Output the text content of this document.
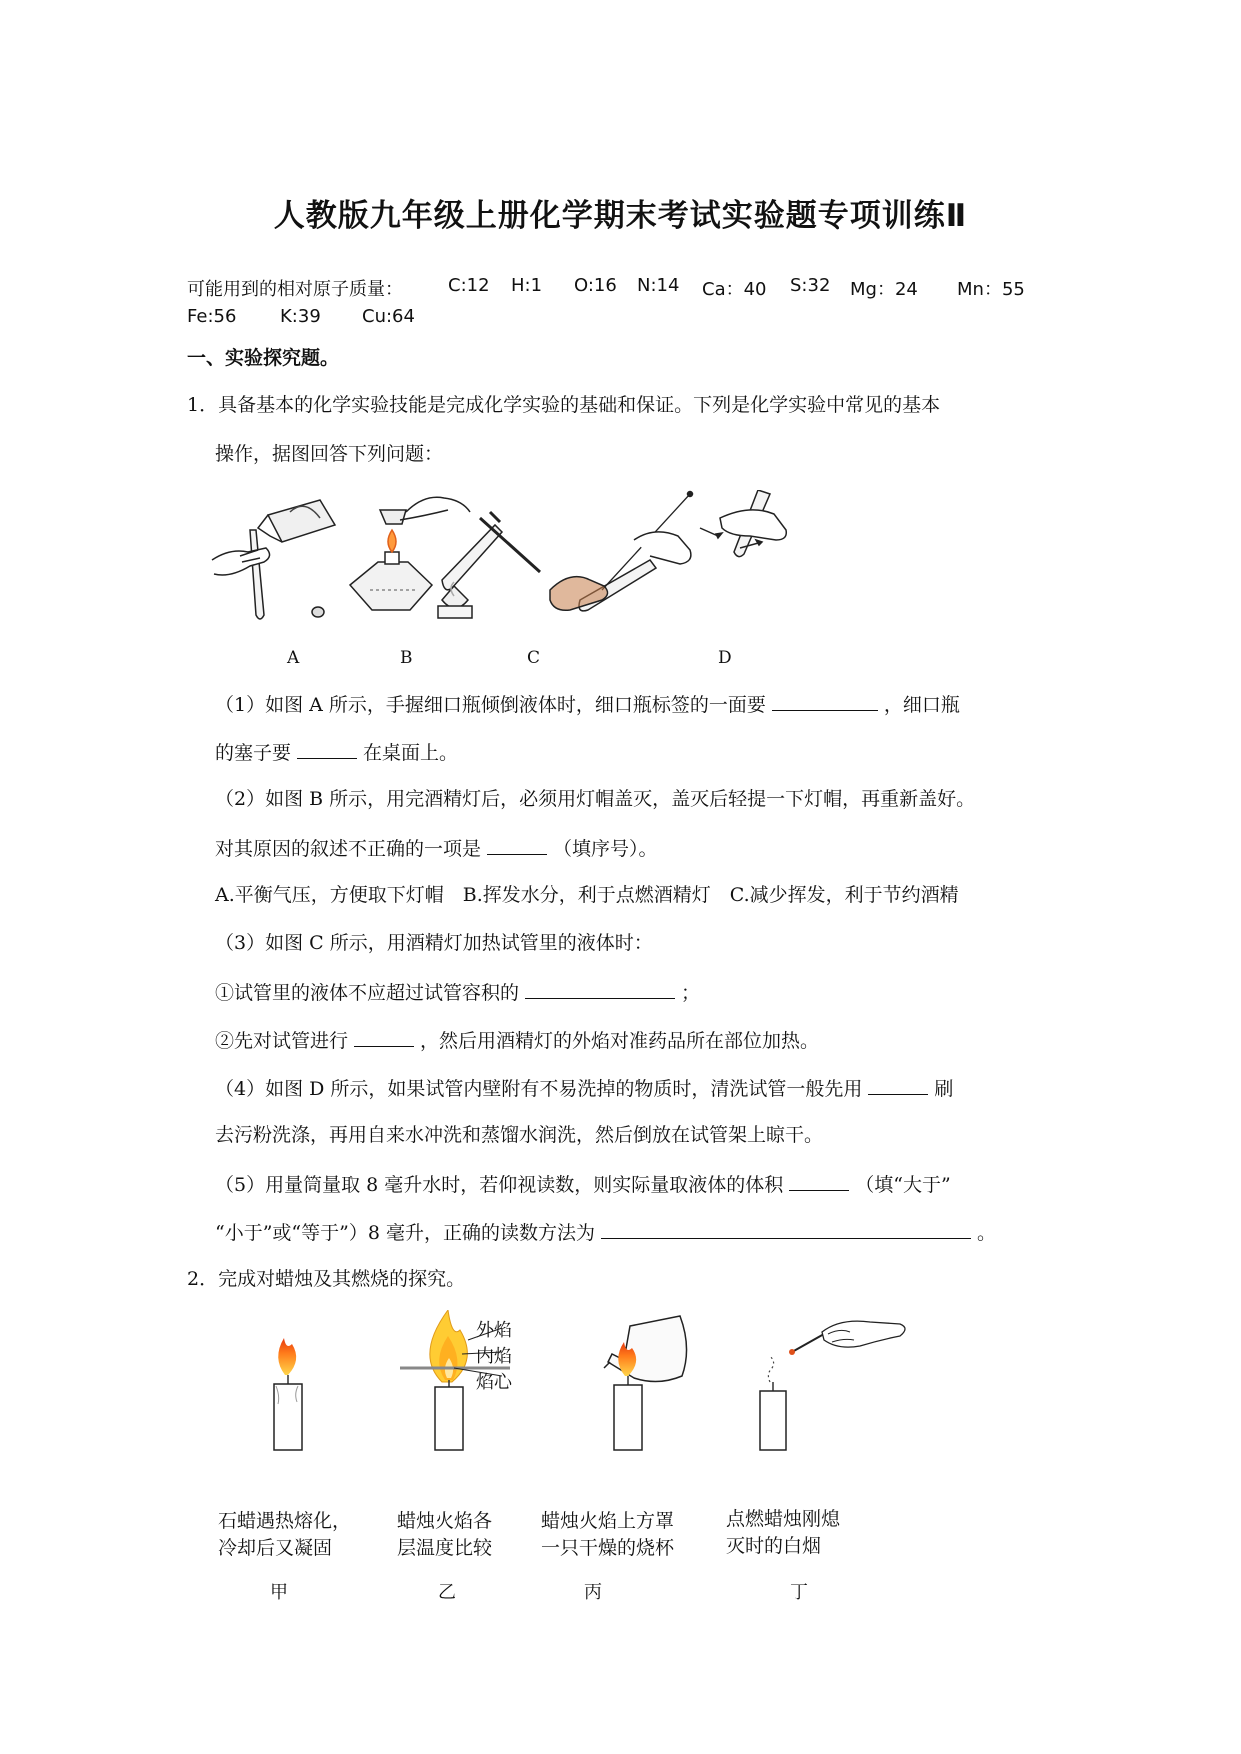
人教版九年级上册化学期末考试实验题专项训练Ⅱ
可能用到的相对原子质量：	C:12 H:1 O:16 N:14 Ca：40 S:32 Mg：24 Mn：55
Fe:56 K:39 Cu:64
一、实验探究题。
1．具备基本的化学实验技能是完成化学实验的基础和保证。下列是化学实验中常见的基本
操作，据图回答下列问题：
A	B	C	D
（1）如图 A 所示，手握细口瓶倾倒液体时，细口瓶标签的一面要	，细口瓶
的塞子要	在桌面上。
（2）如图 B 所示，用完酒精灯后，必须用灯帽盖灭，盖灭后轻提一下灯帽，再重新盖好。
对其原因的叙述不正确的一项是	（填序号）。
A.平衡气压，方便取下灯帽　B.挥发水分，利于点燃酒精灯　C.减少挥发，利于节约酒精
（3）如图 C 所示，用酒精灯加热试管里的液体时：
①试管里的液体不应超过试管容积的	；
②先对试管进行	，然后用酒精灯的外焰对准药品所在部位加热。
（4）如图 D 所示，如果试管内壁附有不易洗掉的物质时，清洗试管一般先用	刷
去污粉洗涤，再用自来水冲洗和蒸馏水润洗，然后倒放在试管架上晾干。
（5）用量筒量取 8 毫升水时，若仰视读数，则实际量取液体的体积	（填“大于”
“小于”或“等于”）8 毫升，正确的读数方法为	。
2．完成对蜡烛及其燃烧的探究。
石蜡遇热熔化，
冷却后又凝固
甲
蜡烛火焰各
层温度比较
乙
蜡烛火焰上方罩
一只干燥的烧杯
丙
点燃蜡烛刚熄
灭时的白烟
丁
外焰
内焰
焰心
